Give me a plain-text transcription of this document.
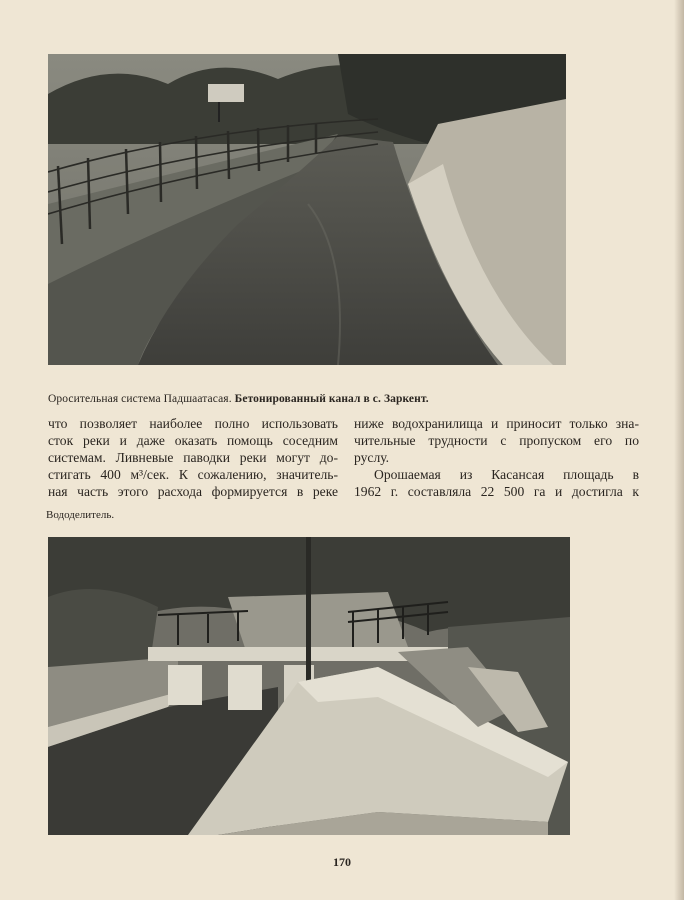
Оросительная система Падшаатасая. Бетонированный канал в с. Заркент.
что позволяет наиболее полно использовать
сток реки и даже оказать помощь соседним
системам. Ливневые паводки реки могут до-
стигать 400 м³/сек. К сожалению, значитель-
ная часть этого расхода формируется в реке
ниже водохранилища и приносит только зна-
чительные трудности с пропуском его по
руслу.
Орошаемая из Касансая площадь в
1962 г. составляла 22 500 га и достигла к
Вододелитель.
170
